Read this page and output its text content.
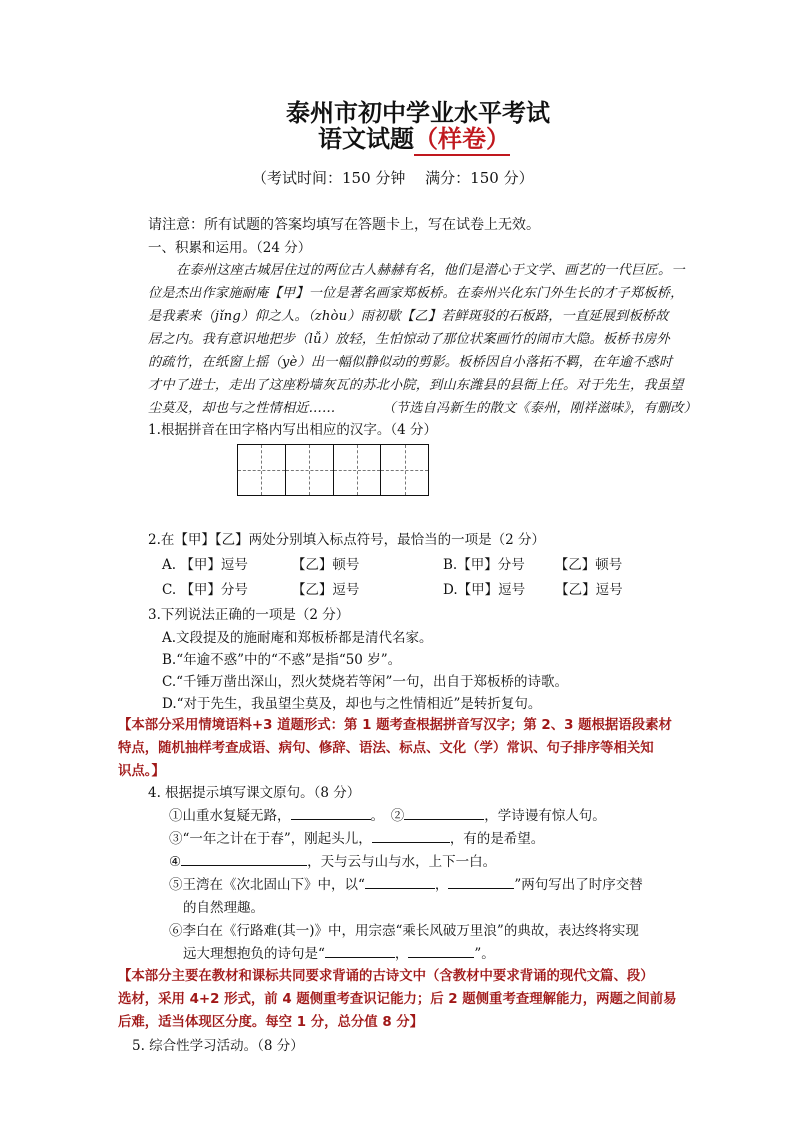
泰州市初中学业水平考试
语文试题（样卷）
（考试时间：150 分钟　 满分：150 分）
请注意：所有试题的答案均填写在答题卡上，写在试卷上无效。
一、积累和运用。（24 分）
在泰州这座古城居住过的两位古人赫赫有名，他们是潜心于文学、画艺的一代巨匠。一
位是杰出作家施耐庵【甲】一位是著名画家郑板桥。在泰州兴化东门外生长的才子郑板桥，
是我素来（jǐng）仰之人。（zhòu）雨初歇【乙】若鲜斑驳的石板路，一直延展到板桥故
居之内。我有意识地把步（lǚ）放轻，生怕惊动了那位状案画竹的闹市大隐。板桥书房外
的疏竹，在纸窗上摇（yè）出一幅似静似动的剪影。板桥因自小落拓不羁，在年逾不惑时
才中了进士，走出了这座粉墙灰瓦的苏北小院，到山东潍县的县衙上任。对于先生，我虽望
尘莫及，却也与之性情相近……　　　　（节选自冯新生的散文《泰州，刚祥滋味》，有删改）
1.根据拼音在田字格内写出相应的汉字。（4 分）
2.在【甲】【乙】两处分别填入标点符号，最恰当的一项是（2 分）
A. 【甲】逗号	【乙】顿号	B.【甲】分号 【乙】顿号
C. 【甲】分号	【乙】逗号	D.【甲】逗号 【乙】逗号
3.下列说法正确的一项是（2 分）
A.文段提及的施耐庵和郑板桥都是清代名家。
B.“年逾不惑”中的“不惑”是指“50 岁”。
C.“千锤万凿出深山，烈火焚烧若等闲”一句，出自于郑板桥的诗歌。
D.“对于先生，我虽望尘莫及，却也与之性情相近”是转折复句。
【本部分采用情境语料+3 道题形式：第 1 题考查根据拼音写汉字；第 2、3 题根据语段素材
特点，随机抽样考查成语、病句、修辞、语法、标点、文化（学）常识、句子排序等相关知
识点。】
4. 根据提示填写课文原句。（8 分）
①山重水复疑无路，	。　②	，学诗谩有惊人句。
③“一年之计在于春”，刚起头儿，	，有的是希望。
④	，天与云与山与水，上下一白。
⑤王湾在《次北固山下》中，以“	，	”两句写出了时序交替
的自然理趣。
⑥李白在《行路难(其一)》中，用宗悫“乘长风破万里浪”的典故，表达终将实现
远大理想抱负的诗句是“	，	”。
【本部分主要在教材和课标共同要求背诵的古诗文中（含教材中要求背诵的现代文篇、段）
选材，采用 4+2 形式，前 4 题侧重考查识记能力；后 2 题侧重考查理解能力，两题之间前易
后难，适当体现区分度。每空 1 分，总分值 8 分】
5. 综合性学习活动。（8 分）
